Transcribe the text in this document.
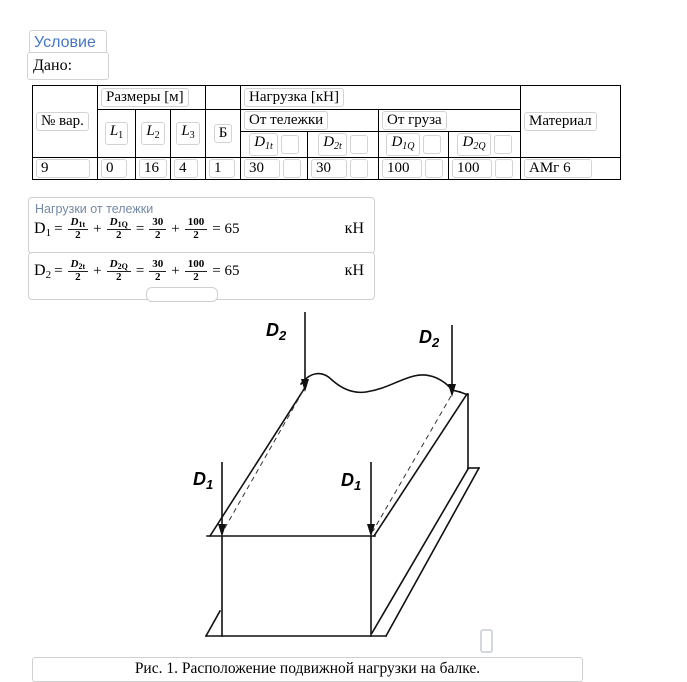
Условие
Дано:
№ вар.	Размеры [м]				Нагрузка [кН]				Материал
	$L_1$	$L_2$	$L_3$	Б	От тележки		От груза		
					$D_{1t}$	$D_{2t}$	$D_{1Q}$	$D_{2Q}$
9	0	16	4	1	30	30	100	100	АМг 6
Нагрузки от тележки
$D1 = \frac{D1t}{2} + \frac{D1Q}{2} = \frac{30}{2} + \frac{100}{2} = 65$	кН
$D2 = \frac{D2t}{2} + \frac{D2Q}{2} = \frac{30}{2} + \frac{100}{2} = 65$	кН
$D_2$	$D_2$
$D_1$	$D_1$
Рис. 1. Расположение подвижной нагрузки на балке.
